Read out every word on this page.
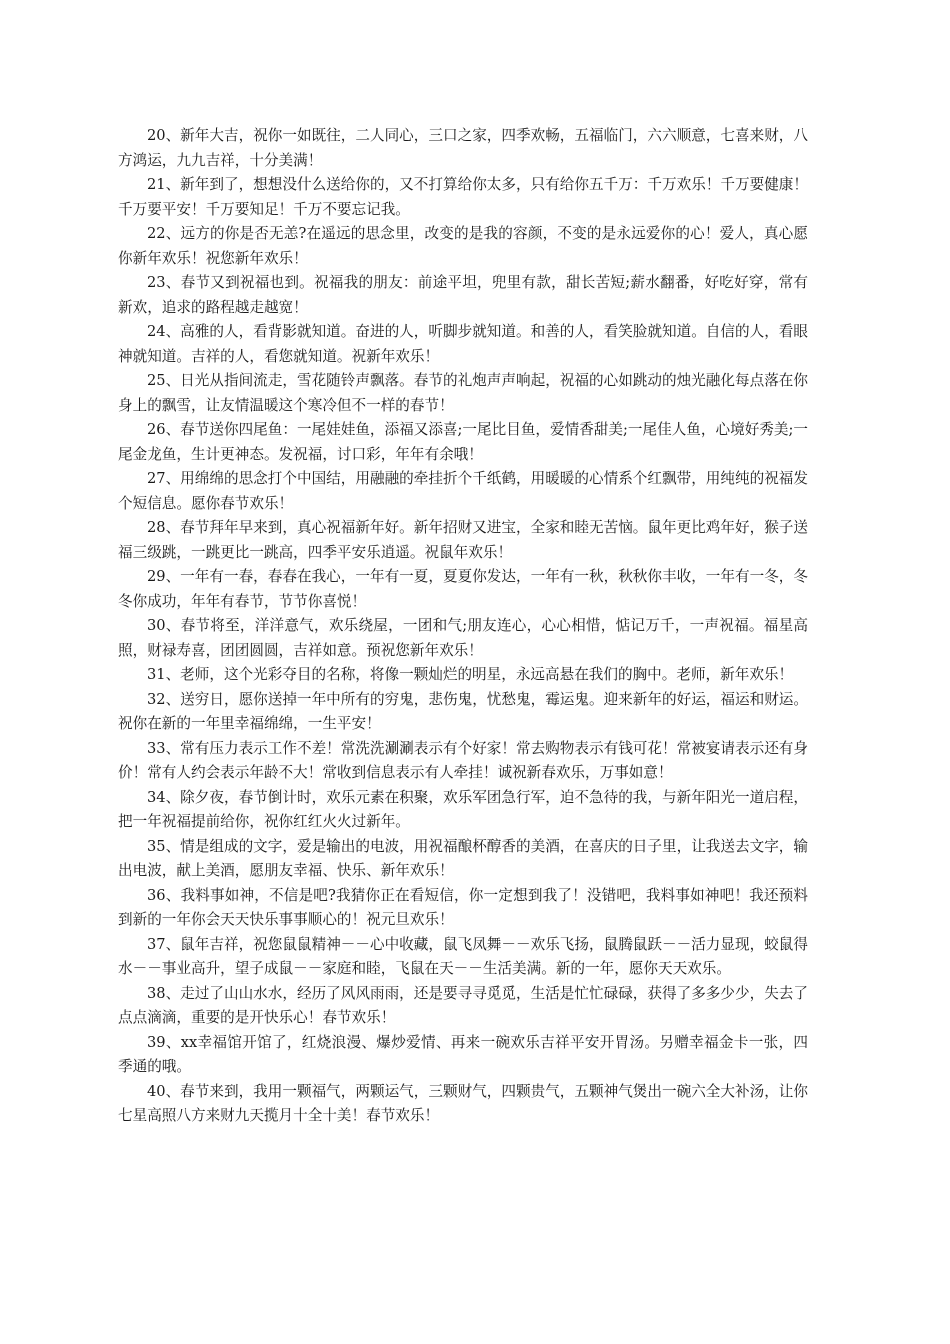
20、新年大吉，祝你一如既往，二人同心，三口之家，四季欢畅，五福临门，六六顺意，七喜来财，八方鸿运，九九吉祥，十分美满！

21、新年到了，想想没什么送给你的，又不打算给你太多，只有给你五千万：千万欢乐！千万要健康！千万要平安！千万要知足！千万不要忘记我。

22、远方的你是否无恙?在遥远的思念里，改变的是我的容颜，不变的是永远爱你的心！爱人，真心愿你新年欢乐！祝您新年欢乐！

23、春节又到祝福也到。祝福我的朋友：前途平坦，兜里有款，甜长苦短;薪水翻番，好吃好穿，常有新欢，追求的路程越走越宽！

24、高雅的人，看背影就知道。奋进的人，听脚步就知道。和善的人，看笑脸就知道。自信的人，看眼神就知道。吉祥的人，看您就知道。祝新年欢乐！

25、日光从指间流走，雪花随铃声飘落。春节的礼炮声声响起，祝福的心如跳动的烛光融化每点落在你身上的飘雪，让友情温暖这个寒冷但不一样的春节！

26、春节送你四尾鱼：一尾娃娃鱼，添福又添喜;一尾比目鱼，爱情香甜美;一尾佳人鱼，心境好秀美;一尾金龙鱼，生计更神态。发祝福，讨口彩，年年有余哦！

27、用绵绵的思念打个中国结，用融融的牵挂折个千纸鹤，用暖暖的心情系个红飘带，用纯纯的祝福发个短信息。愿你春节欢乐！

28、春节拜年早来到，真心祝福新年好。新年招财又进宝，全家和睦无苦恼。鼠年更比鸡年好，猴子送福三级跳，一跳更比一跳高，四季平安乐逍遥。祝鼠年欢乐！

29、一年有一春，春春在我心，一年有一夏，夏夏你发达，一年有一秋，秋秋你丰收，一年有一冬，冬冬你成功，年年有春节，节节你喜悦！

30、春节将至，洋洋意气，欢乐绕屋，一团和气;朋友连心，心心相惜，惦记万千，一声祝福。福星高照，财禄寿喜，团团圆圆，吉祥如意。预祝您新年欢乐！

31、老师，这个光彩夺目的名称，将像一颗灿烂的明星，永远高悬在我们的胸中。老师，新年欢乐！

32、送穷日，愿你送掉一年中所有的穷鬼，悲伤鬼，忧愁鬼，霉运鬼。迎来新年的好运，福运和财运。祝你在新的一年里幸福绵绵，一生平安！

33、常有压力表示工作不差！常洗洗涮涮表示有个好家！常去购物表示有钱可花！常被宴请表示还有身价！常有人约会表示年龄不大！常收到信息表示有人牵挂！诚祝新春欢乐，万事如意！

34、除夕夜，春节倒计时，欢乐元素在积聚，欢乐军团急行军，迫不急待的我，与新年阳光一道启程，把一年祝福提前给你，祝你红红火火过新年。

35、情是组成的文字，爱是输出的电波，用祝福酿杯醇香的美酒，在喜庆的日子里，让我送去文字，输出电波，献上美酒，愿朋友幸福、快乐、新年欢乐！

36、我料事如神，不信是吧?我猜你正在看短信，你一定想到我了！没错吧，我料事如神吧！我还预料到新的一年你会天天快乐事事顺心的！祝元旦欢乐！

37、鼠年吉祥，祝您鼠鼠精神－－心中收藏，鼠飞凤舞－－欢乐飞扬，鼠腾鼠跃－－活力显现，蛟鼠得水－－事业高升，望子成鼠－－家庭和睦，飞鼠在天－－生活美满。新的一年，愿你天天欢乐。

38、走过了山山水水，经历了风风雨雨，还是要寻寻觅觅，生活是忙忙碌碌，获得了多多少少，失去了点点滴滴，重要的是开快乐心！春节欢乐！

39、xx幸福馆开馆了，红烧浪漫、爆炒爱情、再来一碗欢乐吉祥平安开胃汤。另赠幸福金卡一张，四季通的哦。

40、春节来到，我用一颗福气，两颗运气，三颗财气，四颗贵气，五颗神气煲出一碗六全大补汤，让你七星高照八方来财九天揽月十全十美！春节欢乐！
